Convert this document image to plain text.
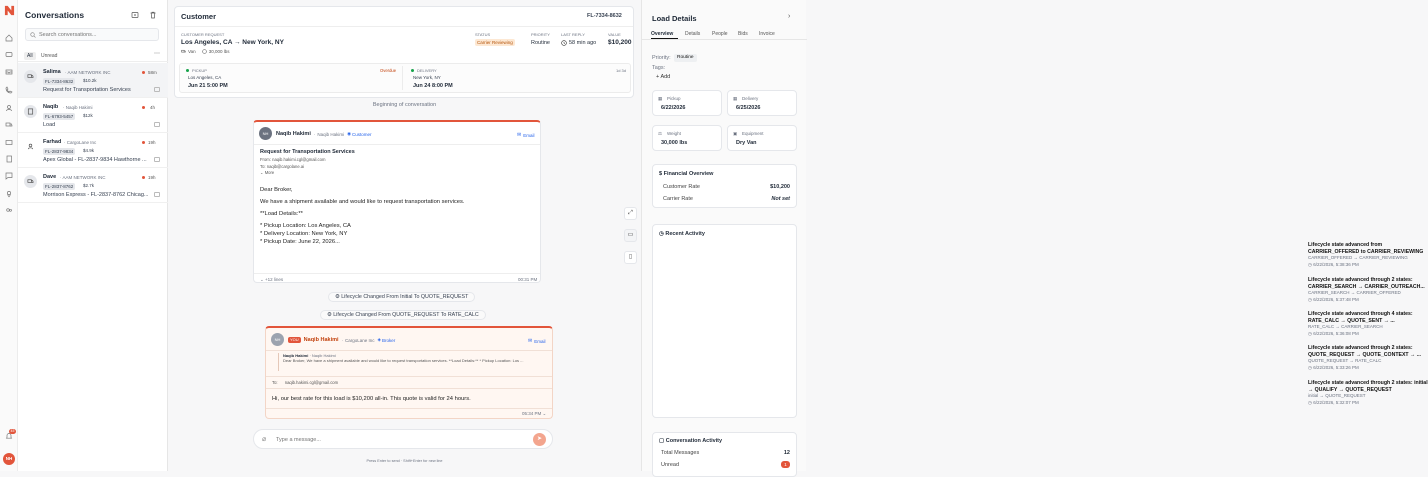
45
NH
Conversations
Search conversations...
All	Unread	⋯
Salima · AAM NETWORK INC	58m
FL-7334-8632	$10.2k
Request for Transportation Services
Naqib · Naqib Hakimi	4h
FL-6793-5457	$12k
Load
Farhad · CargoLane Inc	19h
FL-2837-9834	$4.9k
Apex Global - FL-2837-9834 Hawthorne ...
Dave · AAM NETWORK INC	19h
FL-2837-8762	$2.7k
Morrison Express - FL-2837-8762 Chicag...
Customer	FL-7334-8632
CUSTOMER REQUEST
Los Angeles, CA → New York, NY
Van	30,000 lbs
STATUS
Carrier Reviewing
PRIORITY
Routine
LAST REPLY
58 min ago
VALUE
$10,200
PICKUP	Overdue
Los Angeles, CA
Jun 21 5:00 PM
DELIVERY	1d 3d
New York, NY
Jun 24 8:00 PM
Beginning of conversation
NH	Naqib Hakimi · Naqib Hakimi ◉ Customer	✉ Email
Request for Transportation Services
From: naqib.hakimi.cgl@gmail.com
To: naqib@cargolane.ai
⌄ More
Dear Broker,
We have a shipment available and would like to request transportation services.
**Load Details:**
* Pickup Location: Los Angeles, CA
* Delivery Location: New York, NY
* Pickup Date: June 22, 2026...
⌄ +12 lines	00:31 PM
⚙ Lifecycle Changed From Initial To QUOTE_REQUEST
⚙ Lifecycle Changed From QUOTE_REQUEST To RATE_CALC
NH	YOU Naqib Hakimi · CargoLane Inc ◈ Broker	✉ Email
Naqib Hakimi · Naqib Hakimi
Dear Broker, We have a shipment available and would like to request transportation services. **Load Details:** * Pickup Location: Los ...
To: naqib.hakimi.cgl@gmail.com
Hi, our best rate for this load is $10,200 all-in. This quote is valid for 24 hours.
05:34 PM ⌄
⤢
▭
▯
⌀
Type a message...	➤
Press Enter to send · Shift+Enter for new line
Load Details	›
Overview Details People Bids Invoice
Priority:	Routine
Tags:
+ Add
▦ Pickup
6/22/2026
▦ Delivery
6/25/2026
⚖ Weight
30,000 lbs
▣ Equipment
Dry Van
$ Financial Overview
Customer Rate	$10,200
Carrier Rate	Not set
◷ Recent Activity
Lifecycle state advanced from CARRIER_OFFERED to CARRIER_REVIEWING
CARRIER_OFFERED → CARRIER_REVIEWING
◷ 6/22/2026, 5:38:36 PM
Lifecycle state advanced through 2 states: CARRIER_SEARCH → CARRIER_OUTREACH...
CARRIER_SEARCH → CARRIER_OFFERED
◷ 6/22/2026, 5:37:48 PM
Lifecycle state advanced through 4 states: RATE_CALC → QUOTE_SENT → ...
RATE_CALC → CARRIER_SEARCH
◷ 6/22/2026, 5:36:08 PM
Lifecycle state advanced through 2 states: QUOTE_REQUEST → QUOTE_CONTEXT → ...
QUOTE_REQUEST → RATE_CALC
◷ 6/22/2026, 5:33:26 PM
Lifecycle state advanced through 2 states: initial → QUALIFY → QUOTE_REQUEST
initial → QUOTE_REQUEST
◷ 6/22/2026, 5:32:07 PM
▢ Conversation Activity
Total Messages	12
Unread	1
